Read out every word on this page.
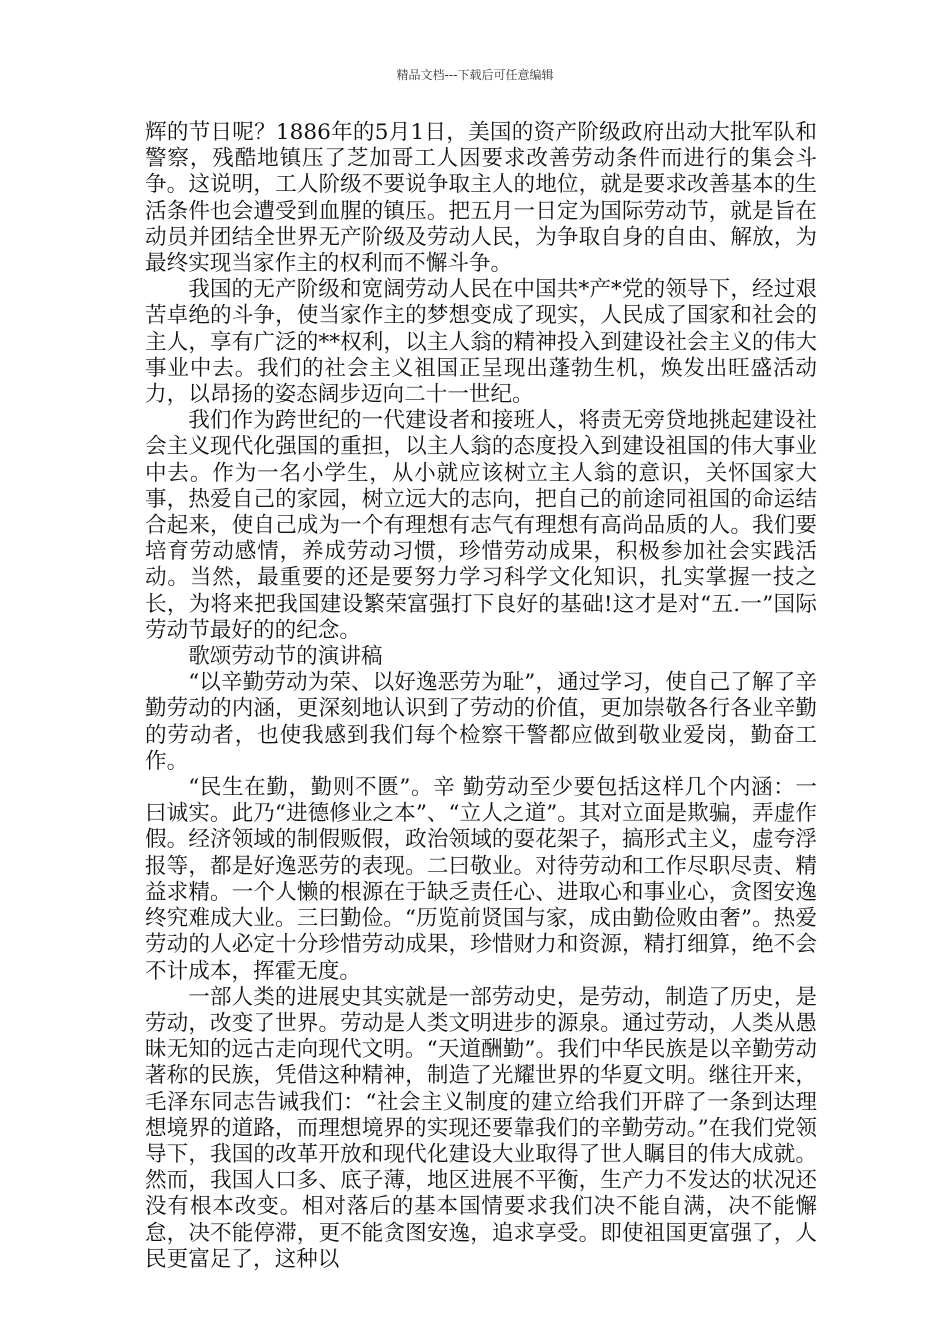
精品文档---下载后可任意编辑

辉的节日呢？1886年的5月1日，美国的资产阶级政府出动大批军队和警察，残酷地镇压了芝加哥工人因要求改善劳动条件而进行的集会斗争。这说明，工人阶级不要说争取主人的地位，就是要求改善基本的生活条件也会遭受到血腥的镇压。把五月一日定为国际劳动节，就是旨在动员并团结全世界无产阶级及劳动人民，为争取自身的自由、解放，为最终实现当家作主的权利而不懈斗争。

我国的无产阶级和宽阔劳动人民在中国共*产*党的领导下，经过艰苦卓绝的斗争，使当家作主的梦想变成了现实，人民成了国家和社会的主人，享有广泛的**权利，以主人翁的精神投入到建设社会主义的伟大事业中去。我们的社会主义祖国正呈现出蓬勃生机，焕发出旺盛活动力，以昂扬的姿态阔步迈向二十一世纪。

我们作为跨世纪的一代建设者和接班人，将责无旁贷地挑起建设社会主义现代化强国的重担，以主人翁的态度投入到建设祖国的伟大事业中去。作为一名小学生，从小就应该树立主人翁的意识，关怀国家大事，热爱自己的家园，树立远大的志向，把自己的前途同祖国的命运结合起来，使自己成为一个有理想有志气有理想有高尚品质的人。我们要培育劳动感情，养成劳动习惯，珍惜劳动成果，积极参加社会实践活动。当然，最重要的还是要努力学习科学文化知识，扎实掌握一技之长，为将来把我国建设繁荣富强打下良好的基础!这才是对“五.一”国际劳动节最好的的纪念。

歌颂劳动节的演讲稿

“以辛勤劳动为荣、以好逸恶劳为耻”，通过学习，使自己了解了辛勤劳动的内涵，更深刻地认识到了劳动的价值，更加崇敬各行各业辛勤的劳动者，也使我感到我们每个检察干警都应做到敬业爱岗，勤奋工作。

“民生在勤，勤则不匮”。辛 勤劳动至少要包括这样几个内涵：一曰诚实。此乃“进德修业之本”、“立人之道”。其对立面是欺骗，弄虚作假。经济领域的制假贩假，政治领域的耍花架子，搞形式主义，虚夸浮报等，都是好逸恶劳的表现。二曰敬业。对待劳动和工作尽职尽责、精益求精。一个人懒的根源在于缺乏责任心、进取心和事业心，贪图安逸终究难成大业。三曰勤俭。“历览前贤国与家，成由勤俭败由奢”。热爱劳动的人必定十分珍惜劳动成果，珍惜财力和资源，精打细算，绝不会不计成本，挥霍无度。

一部人类的进展史其实就是一部劳动史，是劳动，制造了历史，是劳动，改变了世界。劳动是人类文明进步的源泉。通过劳动，人类从愚昧无知的远古走向现代文明。“天道酬勤”。我们中华民族是以辛勤劳动著称的民族，凭借这种精神，制造了光耀世界的华夏文明。继往开来，毛泽东同志告诫我们：“社会主义制度的建立给我们开辟了一条到达理想境界的道路，而理想境界的实现还要靠我们的辛勤劳动。”在我们党领导下，我国的改革开放和现代化建设大业取得了世人瞩目的伟大成就。然而，我国人口多、底子薄，地区进展不平衡，生产力不发达的状况还没有根本改变。相对落后的基本国情要求我们决不能自满，决不能懈怠，决不能停滞，更不能贪图安逸，追求享受。即使祖国更富强了，人民更富足了，这种以
